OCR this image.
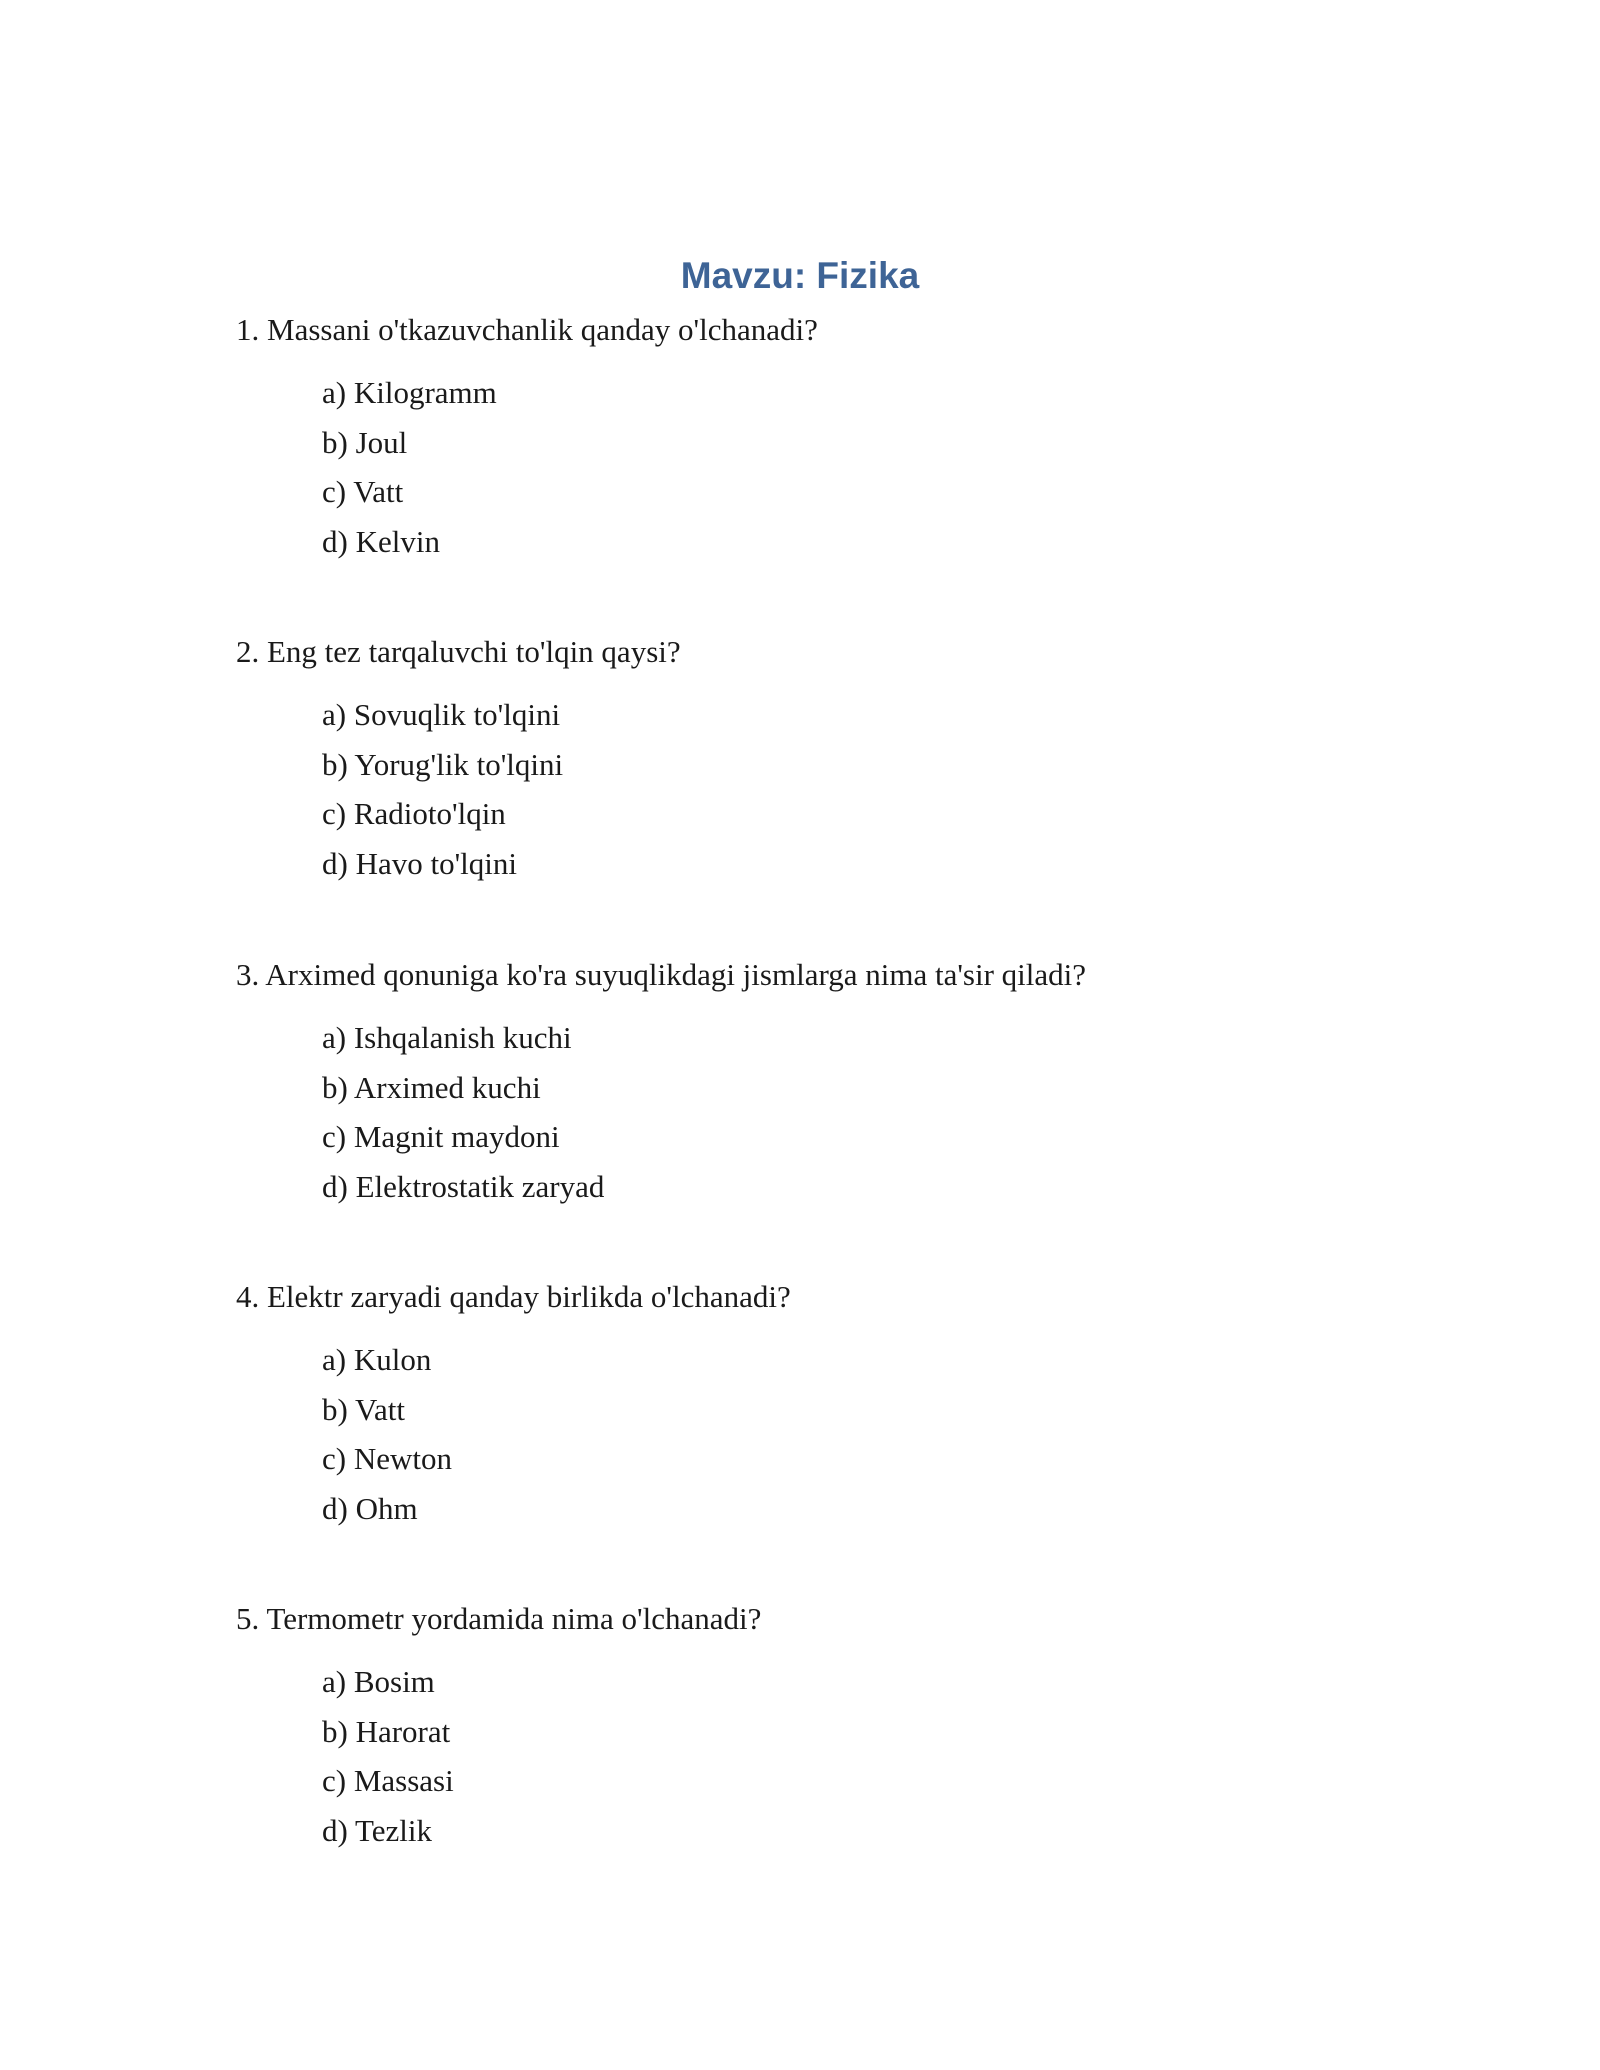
Mavzu: Fizika

1. Massani o'tkazuvchanlik qanday o'lchanadi?

a) Kilogramm
b) Joul
c) Vatt
d) Kelvin

2. Eng tez tarqaluvchi to'lqin qaysi?

a) Sovuqlik to'lqini
b) Yorug'lik to'lqini
c) Radioto'lqin
d) Havo to'lqini

3. Arximed qonuniga ko'ra suyuqlikdagi jismlarga nima ta'sir qiladi?

a) Ishqalanish kuchi
b) Arximed kuchi
c) Magnit maydoni
d) Elektrostatik zaryad

4. Elektr zaryadi qanday birlikda o'lchanadi?

a) Kulon
b) Vatt
c) Newton
d) Ohm

5. Termometr yordamida nima o'lchanadi?

a) Bosim
b) Harorat
c) Massasi
d) Tezlik
